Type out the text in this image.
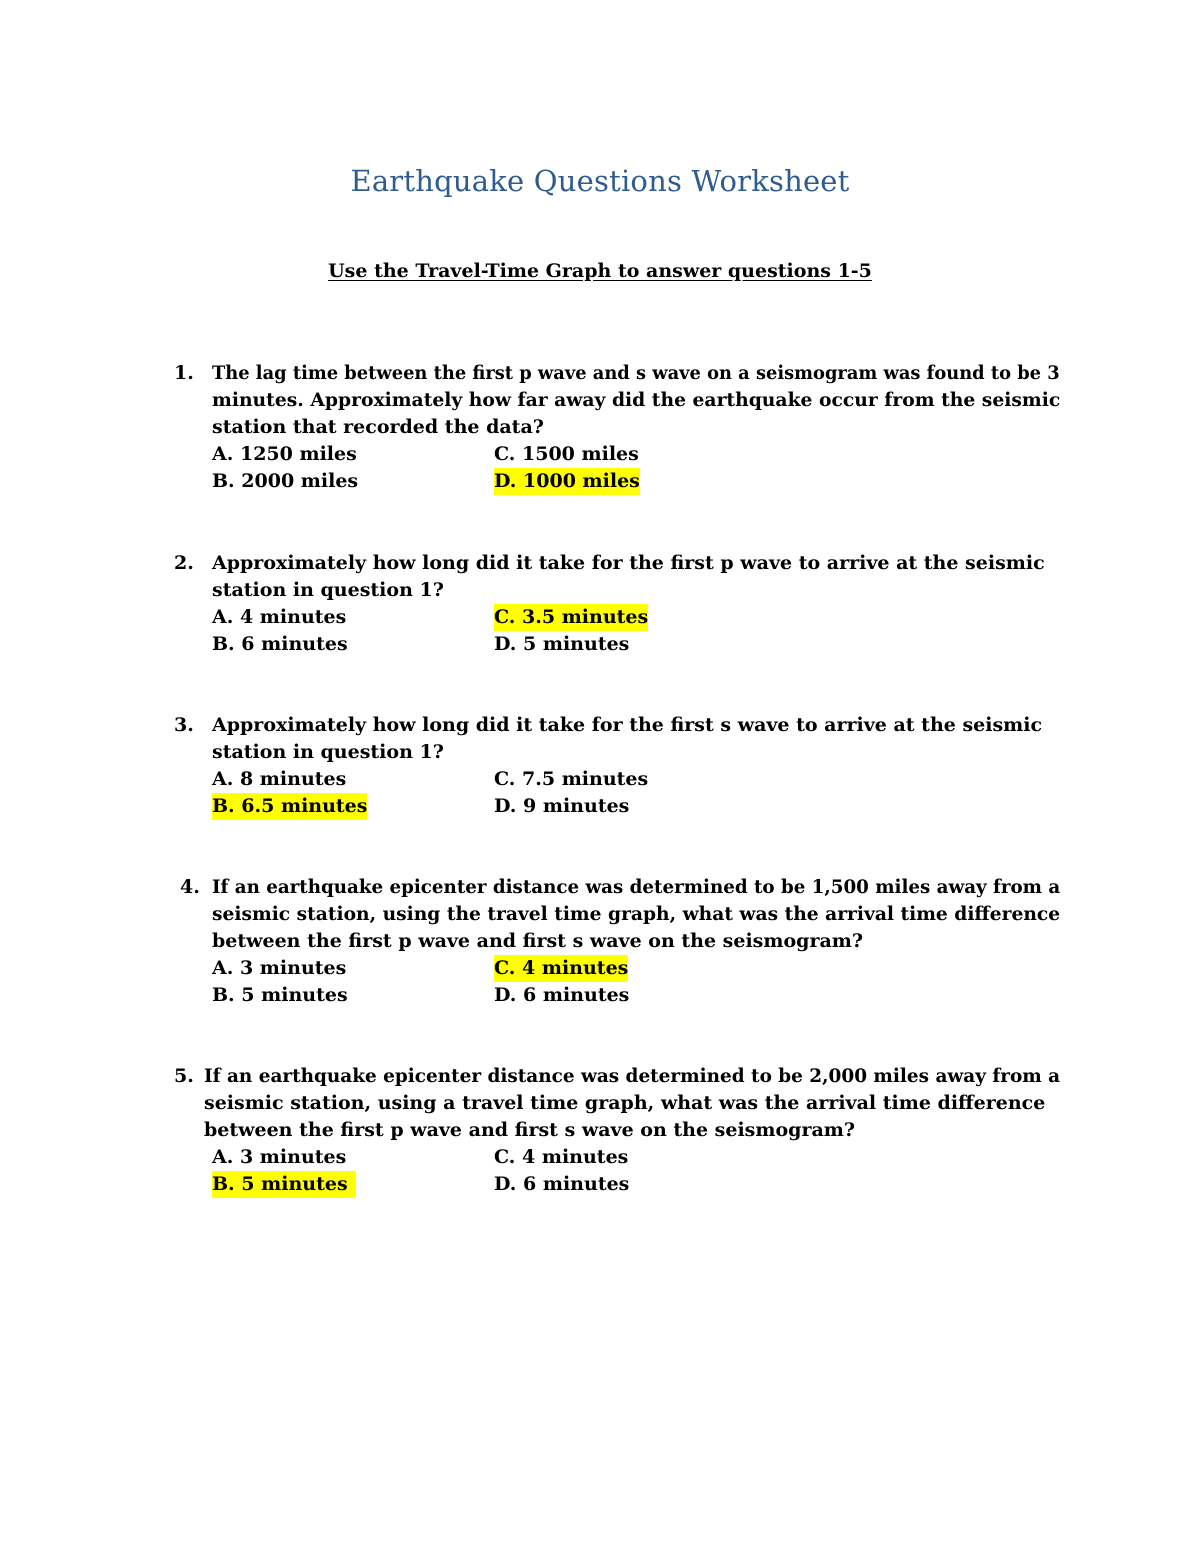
Earthquake Questions Worksheet
Use the Travel-Time Graph to answer questions 1-5
1. The lag time between the first p wave and s wave on a seismogram was found to be 3
minutes. Approximately how far away did the earthquake occur from the seismic
station that recorded the data?
A. 1250 miles	C. 1500 miles
B. 2000 miles	D. 1000 miles
2. Approximately how long did it take for the first p wave to arrive at the seismic
station in question 1?
A. 4 minutes	C. 3.5 minutes
B. 6 minutes	D. 5 minutes
3. Approximately how long did it take for the first s wave to arrive at the seismic
station in question 1?
A. 8 minutes	C. 7.5 minutes
B. 6.5 minutes	D. 9 minutes
4. If an earthquake epicenter distance was determined to be 1,500 miles away from a
seismic station, using the travel time graph, what was the arrival time difference
between the first p wave and first s wave on the seismogram?
A. 3 minutes	C. 4 minutes
B. 5 minutes	D. 6 minutes
5. If an earthquake epicenter distance was determined to be 2,000 miles away from a
seismic station, using a travel time graph, what was the arrival time difference
between the first p wave and first s wave on the seismogram?
A. 3 minutes	C. 4 minutes
B. 5 minutes	D. 6 minutes
